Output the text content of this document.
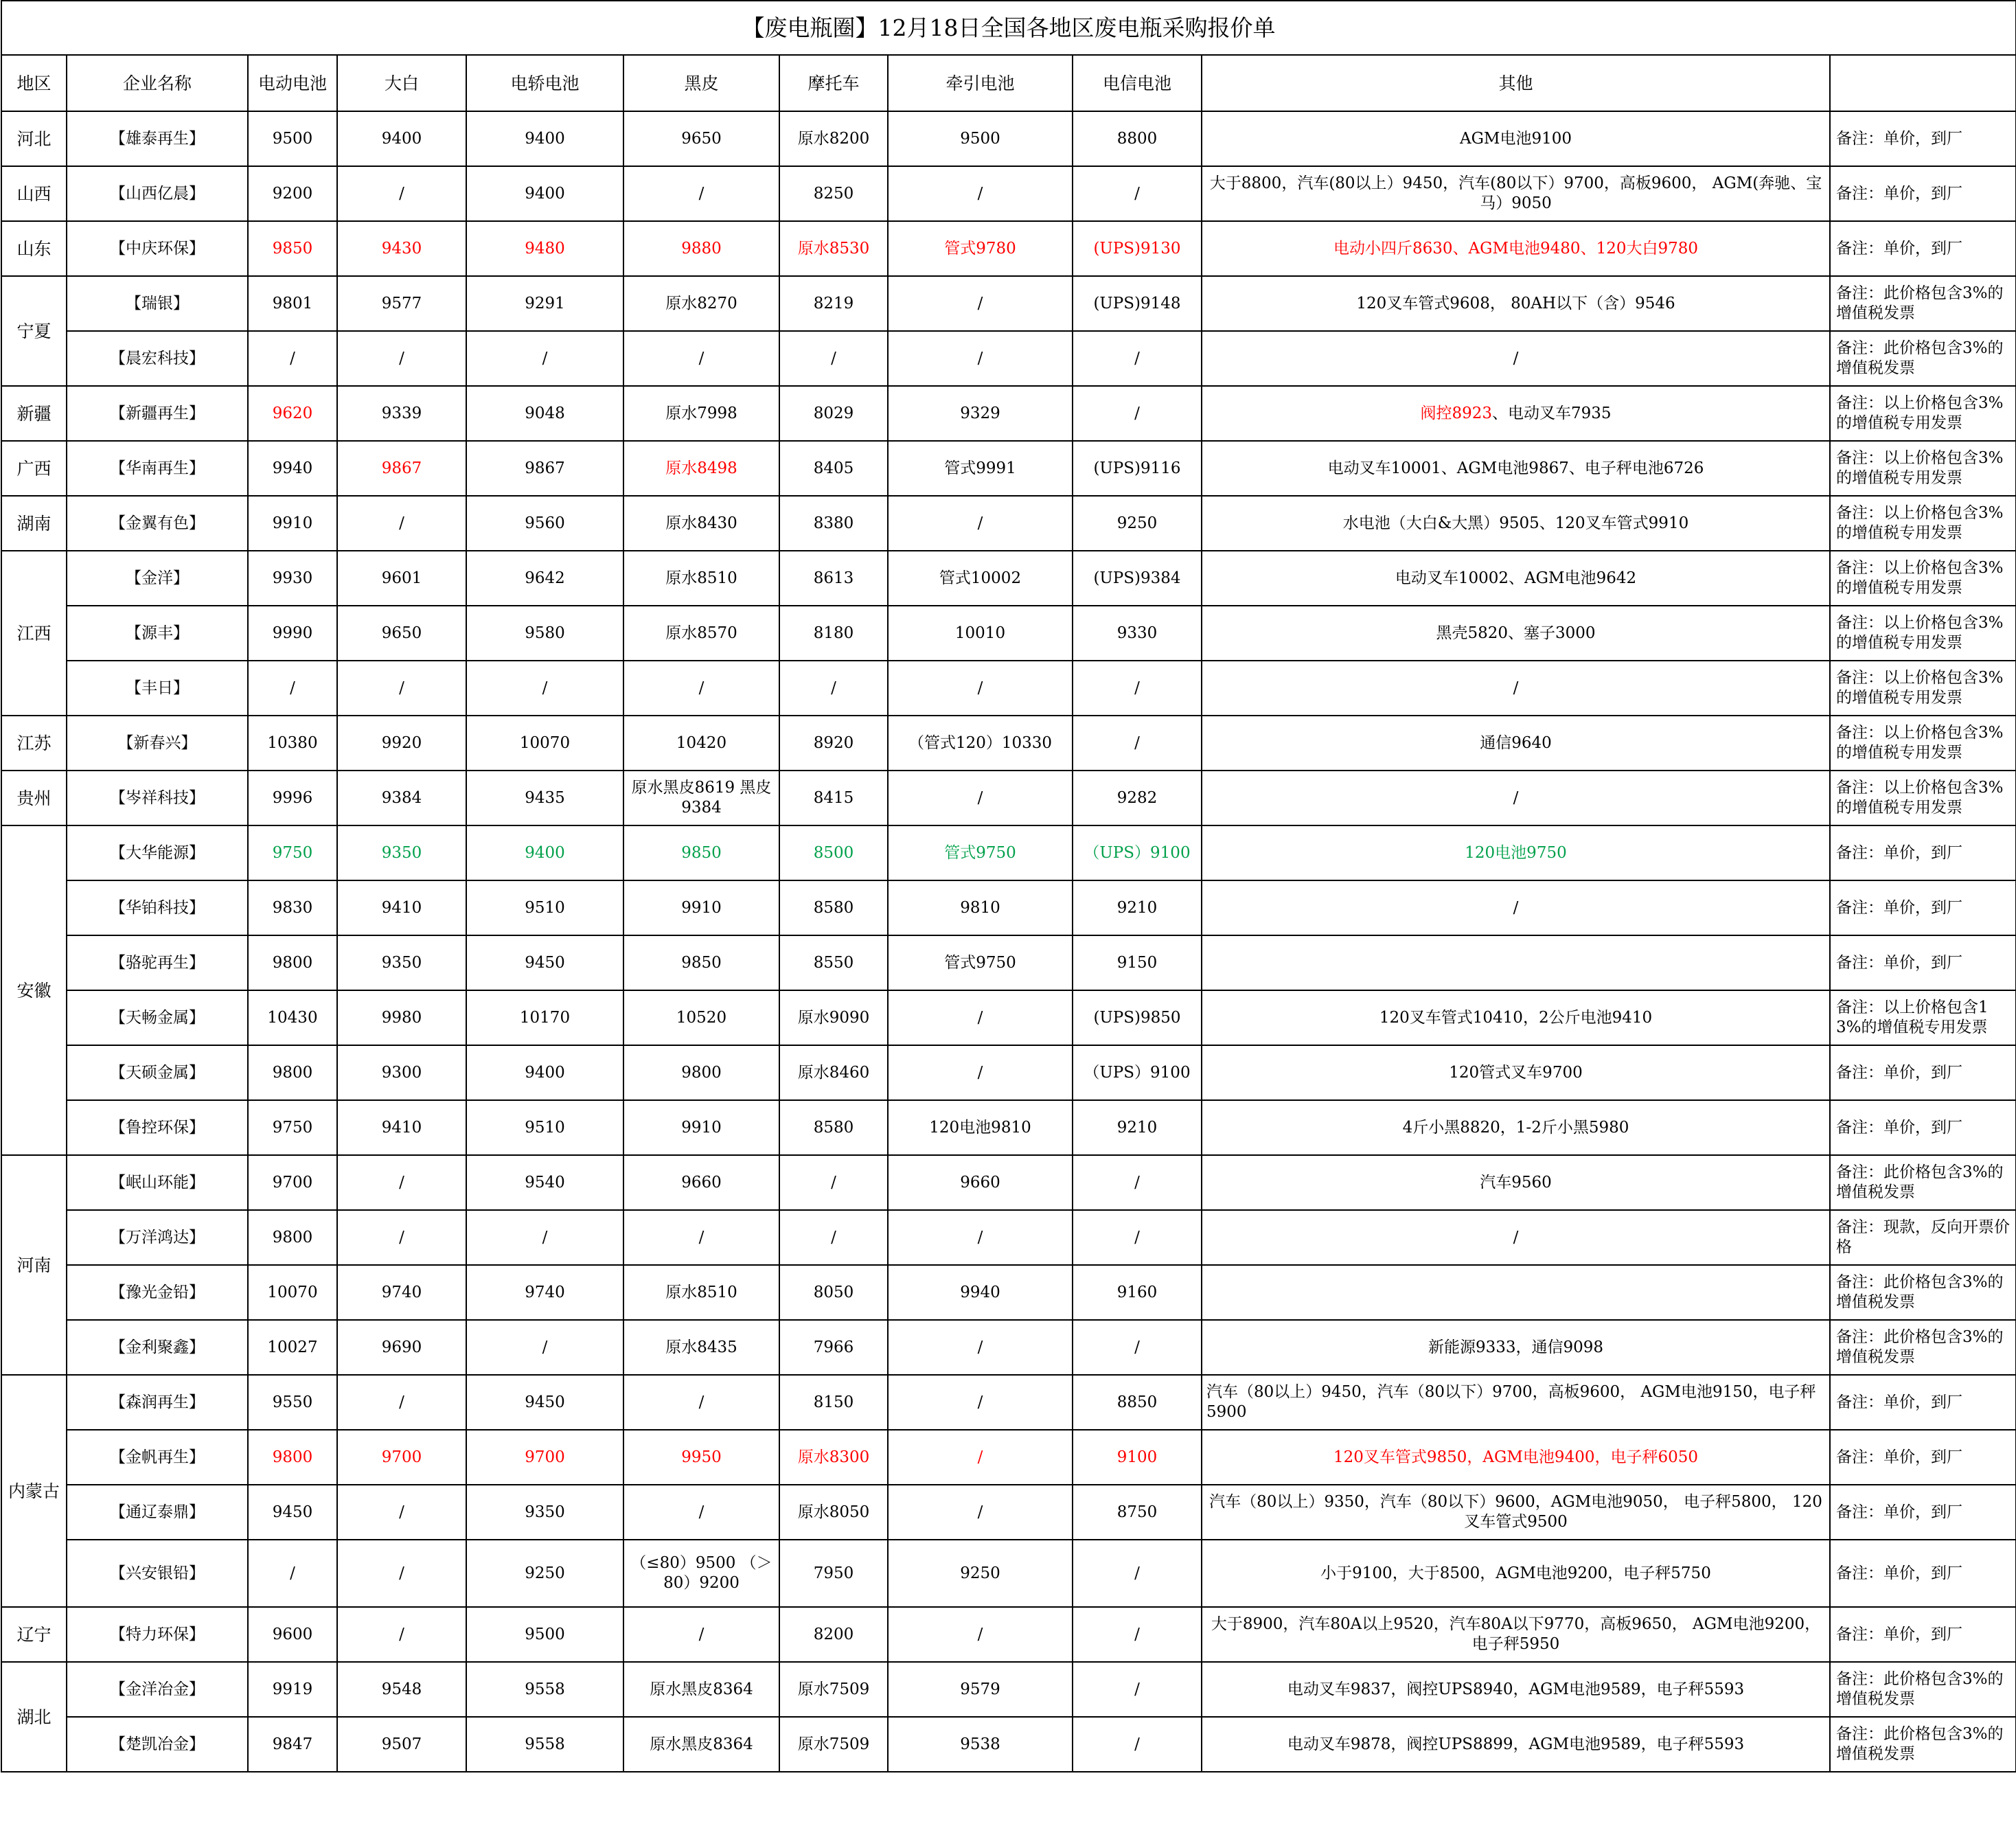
【废电瓶圈】12月18日全国各地区废电瓶采购报价单										
地区	企业名称	电动电池	大白	电轿电池	黑皮	摩托车	牵引电池	电信电池	其他	
河北	【雄泰再生】	9500	9400	9400	9650	原水8200	9500	8800	AGM电池9100	备注：单价，到厂
山西	【山西亿晨】	9200	/	9400	/	8250	/	/	大于8800，汽车(80以上）9450，汽车(80以下）9700，高板9600， AGM(奔驰、宝马）9050	备注：单价，到厂
山东	【中庆环保】	9850	9430	9480	9880	原水8530	管式9780	(UPS)9130	电动小四斤8630、AGM电池9480、120大白9780	备注：单价，到厂
宁夏	【瑞银】	9801	9577	9291	原水8270	8219	/	(UPS)9148	120叉车管式9608， 80AH以下（含）9546	备注：此价格包含3%的增值税发票
	【晨宏科技】	/	/	/	/	/	/	/	/	备注：此价格包含3%的增值税发票
新疆	【新疆再生】	9620	9339	9048	原水7998	8029	9329	/	阀控8923、电动叉车7935	备注：以上价格包含3%的增值税专用发票
广西	【华南再生】	9940	9867	9867	原水8498	8405	管式9991	(UPS)9116	电动叉车10001、AGM电池9867、电子秤电池6726	备注：以上价格包含3%的增值税专用发票
湖南	【金翼有色】	9910	/	9560	原水8430	8380	/	9250	水电池（大白&大黑）9505、120叉车管式9910	备注：以上价格包含3%的增值税专用发票
江西	【金洋】	9930	9601	9642	原水8510	8613	管式10002	(UPS)9384	电动叉车10002、AGM电池9642	备注：以上价格包含3%的增值税专用发票
	【源丰】	9990	9650	9580	原水8570	8180	10010	9330	黑壳5820、塞子3000	备注：以上价格包含3%的增值税专用发票
	【丰日】	/	/	/	/	/	/	/	/	备注：以上价格包含3%的增值税专用发票
江苏	【新春兴】	10380	9920	10070	10420	8920	（管式120）10330	/	通信9640	备注：以上价格包含3%的增值税专用发票
贵州	【岑祥科技】	9996	9384	9435	原水黑皮8619 黑皮9384	8415	/	9282	/	备注：以上价格包含3%的增值税专用发票
安徽	【大华能源】	9750	9350	9400	9850	8500	管式9750	（UPS）9100	120电池9750	备注：单价，到厂
	【华铂科技】	9830	9410	9510	9910	8580	9810	9210	/	备注：单价，到厂
	【骆驼再生】	9800	9350	9450	9850	8550	管式9750	9150		备注：单价，到厂
	【天畅金属】	10430	9980	10170	10520	原水9090	/	(UPS)9850	120叉车管式10410，2公斤电池9410	备注：以上价格包含13%的增值税专用发票
	【天硕金属】	9800	9300	9400	9800	原水8460	/	（UPS）9100	120管式叉车9700	备注：单价，到厂
	【鲁控环保】	9750	9410	9510	9910	8580	120电池9810	9210	4斤小黑8820，1-2斤小黑5980	备注：单价，到厂
河南	【岷山环能】	9700	/	9540	9660	/	9660	/	汽车9560	备注：此价格包含3%的增值税发票
	【万洋鸿达】	9800	/	/	/	/	/	/	/	备注：现款，反向开票价格
	【豫光金铅】	10070	9740	9740	原水8510	8050	9940	9160		备注：此价格包含3%的增值税发票
	【金利聚鑫】	10027	9690	/	原水8435	7966	/	/	新能源9333，通信9098	备注：此价格包含3%的增值税发票
内蒙古	【森润再生】	9550	/	9450	/	8150	/	8850	汽车（80以上）9450，汽车（80以下）9700，高板9600， AGM电池9150，电子秤5900	备注：单价，到厂
	【金帆再生】	9800	9700	9700	9950	原水8300	/	9100	120叉车管式9850，AGM电池9400，电子秤6050	备注：单价，到厂
	【通辽泰鼎】	9450	/	9350	/	原水8050	/	8750	汽车（80以上）9350，汽车（80以下）9600，AGM电池9050， 电子秤5800， 120叉车管式9500	备注：单价，到厂
	【兴安银铅】	/	/	9250	（≤80）9500 （＞80）9200	7950	9250	/	小于9100，大于8500，AGM电池9200，电子秤5750	备注：单价，到厂
辽宁	【特力环保】	9600	/	9500	/	8200	/	/	大于8900，汽车80A以上9520，汽车80A以下9770，高板9650， AGM电池9200，电子秤5950	备注：单价，到厂
湖北	【金洋冶金】	9919	9548	9558	原水黑皮8364	原水7509	9579	/	电动叉车9837，阀控UPS8940，AGM电池9589，电子秤5593	备注：此价格包含3%的增值税发票
	【楚凯冶金】	9847	9507	9558	原水黑皮8364	原水7509	9538	/	电动叉车9878，阀控UPS8899，AGM电池9589，电子秤5593	备注：此价格包含3%的增值税发票
